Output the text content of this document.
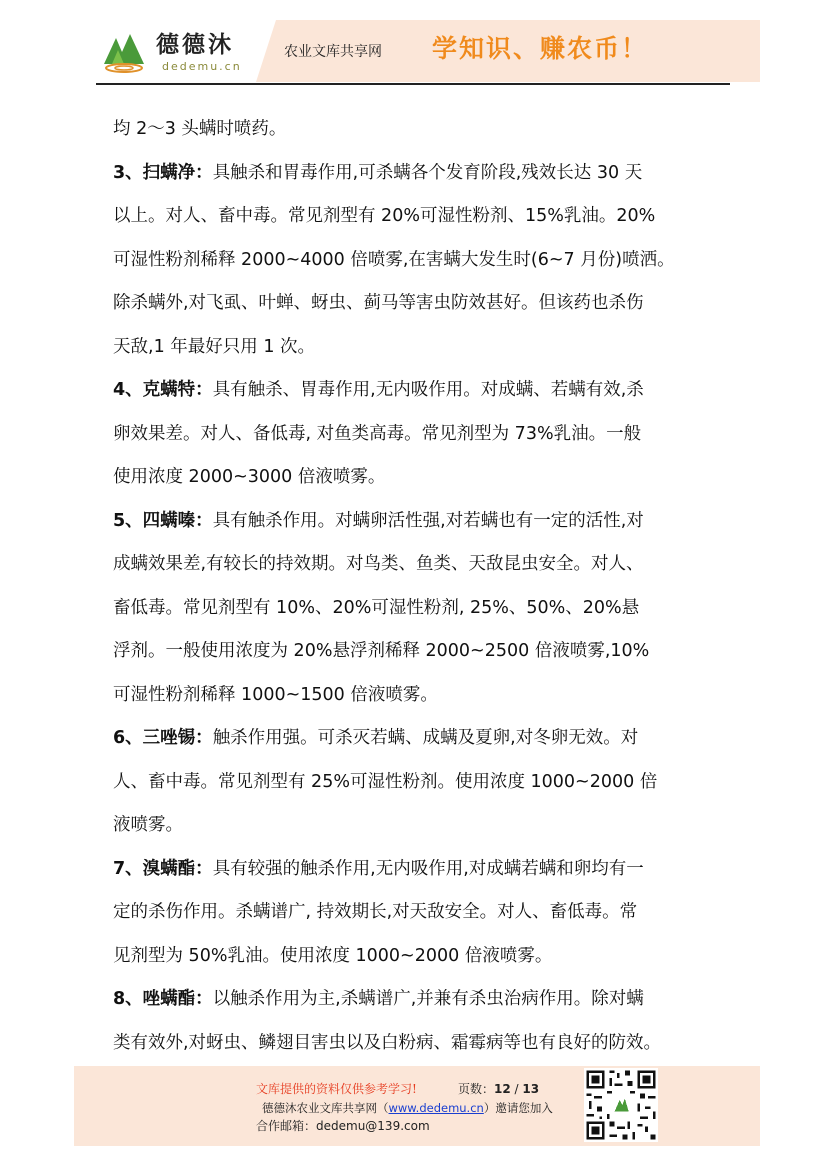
德德沐
dedemu.cn
农业文库共享网 学知识、赚农币！
均 2～3 头螨时喷药。
3、扫螨净：具触杀和胃毒作用,可杀螨各个发育阶段,残效长达 30 天
以上。对人、畜中毒。常见剂型有 20%可湿性粉剂、15%乳油。20%
可湿性粉剂稀释 2000~4000 倍喷雾,在害螨大发生时(6~7 月份)喷洒。
除杀螨外,对飞虱、叶蝉、蚜虫、蓟马等害虫防效甚好。但该药也杀伤
天敌,1 年最好只用 1 次。
4、克螨特：具有触杀、胃毒作用,无内吸作用。对成螨、若螨有效,杀
卵效果差。对人、备低毒, 对鱼类高毒。常见剂型为 73%乳油。一般
使用浓度 2000~3000 倍液喷雾。
5、四螨嗪：具有触杀作用。对螨卵活性强,对若螨也有一定的活性,对
成螨效果差,有较长的持效期。对鸟类、鱼类、天敌昆虫安全。对人、
畜低毒。常见剂型有 10%、20%可湿性粉剂, 25%、50%、20%悬
浮剂。一般使用浓度为 20%悬浮剂稀释 2000~2500 倍液喷雾,10%
可湿性粉剂稀释 1000~1500 倍液喷雾。
6、三唑锡：触杀作用强。可杀灭若螨、成螨及夏卵,对冬卵无效。对
人、畜中毒。常见剂型有 25%可湿性粉剂。使用浓度 1000~2000 倍
液喷雾。
7、溴螨酯：具有较强的触杀作用,无内吸作用,对成螨若螨和卵均有一
定的杀伤作用。杀螨谱广, 持效期长,对天敌安全。对人、畜低毒。常
见剂型为 50%乳油。使用浓度 1000~2000 倍液喷雾。
8、唑螨酯：以触杀作用为主,杀螨谱广,并兼有杀虫治病作用。除对螨
类有效外,对蚜虫、鳞翅目害虫以及白粉病、霜霉病等也有良好的防效。
文库提供的资料仅供参考学习!	页数：12 / 13
德德沐农业文库共享网（www.dedemu.cn）邀请您加入
合作邮箱：dedemu@139.com
